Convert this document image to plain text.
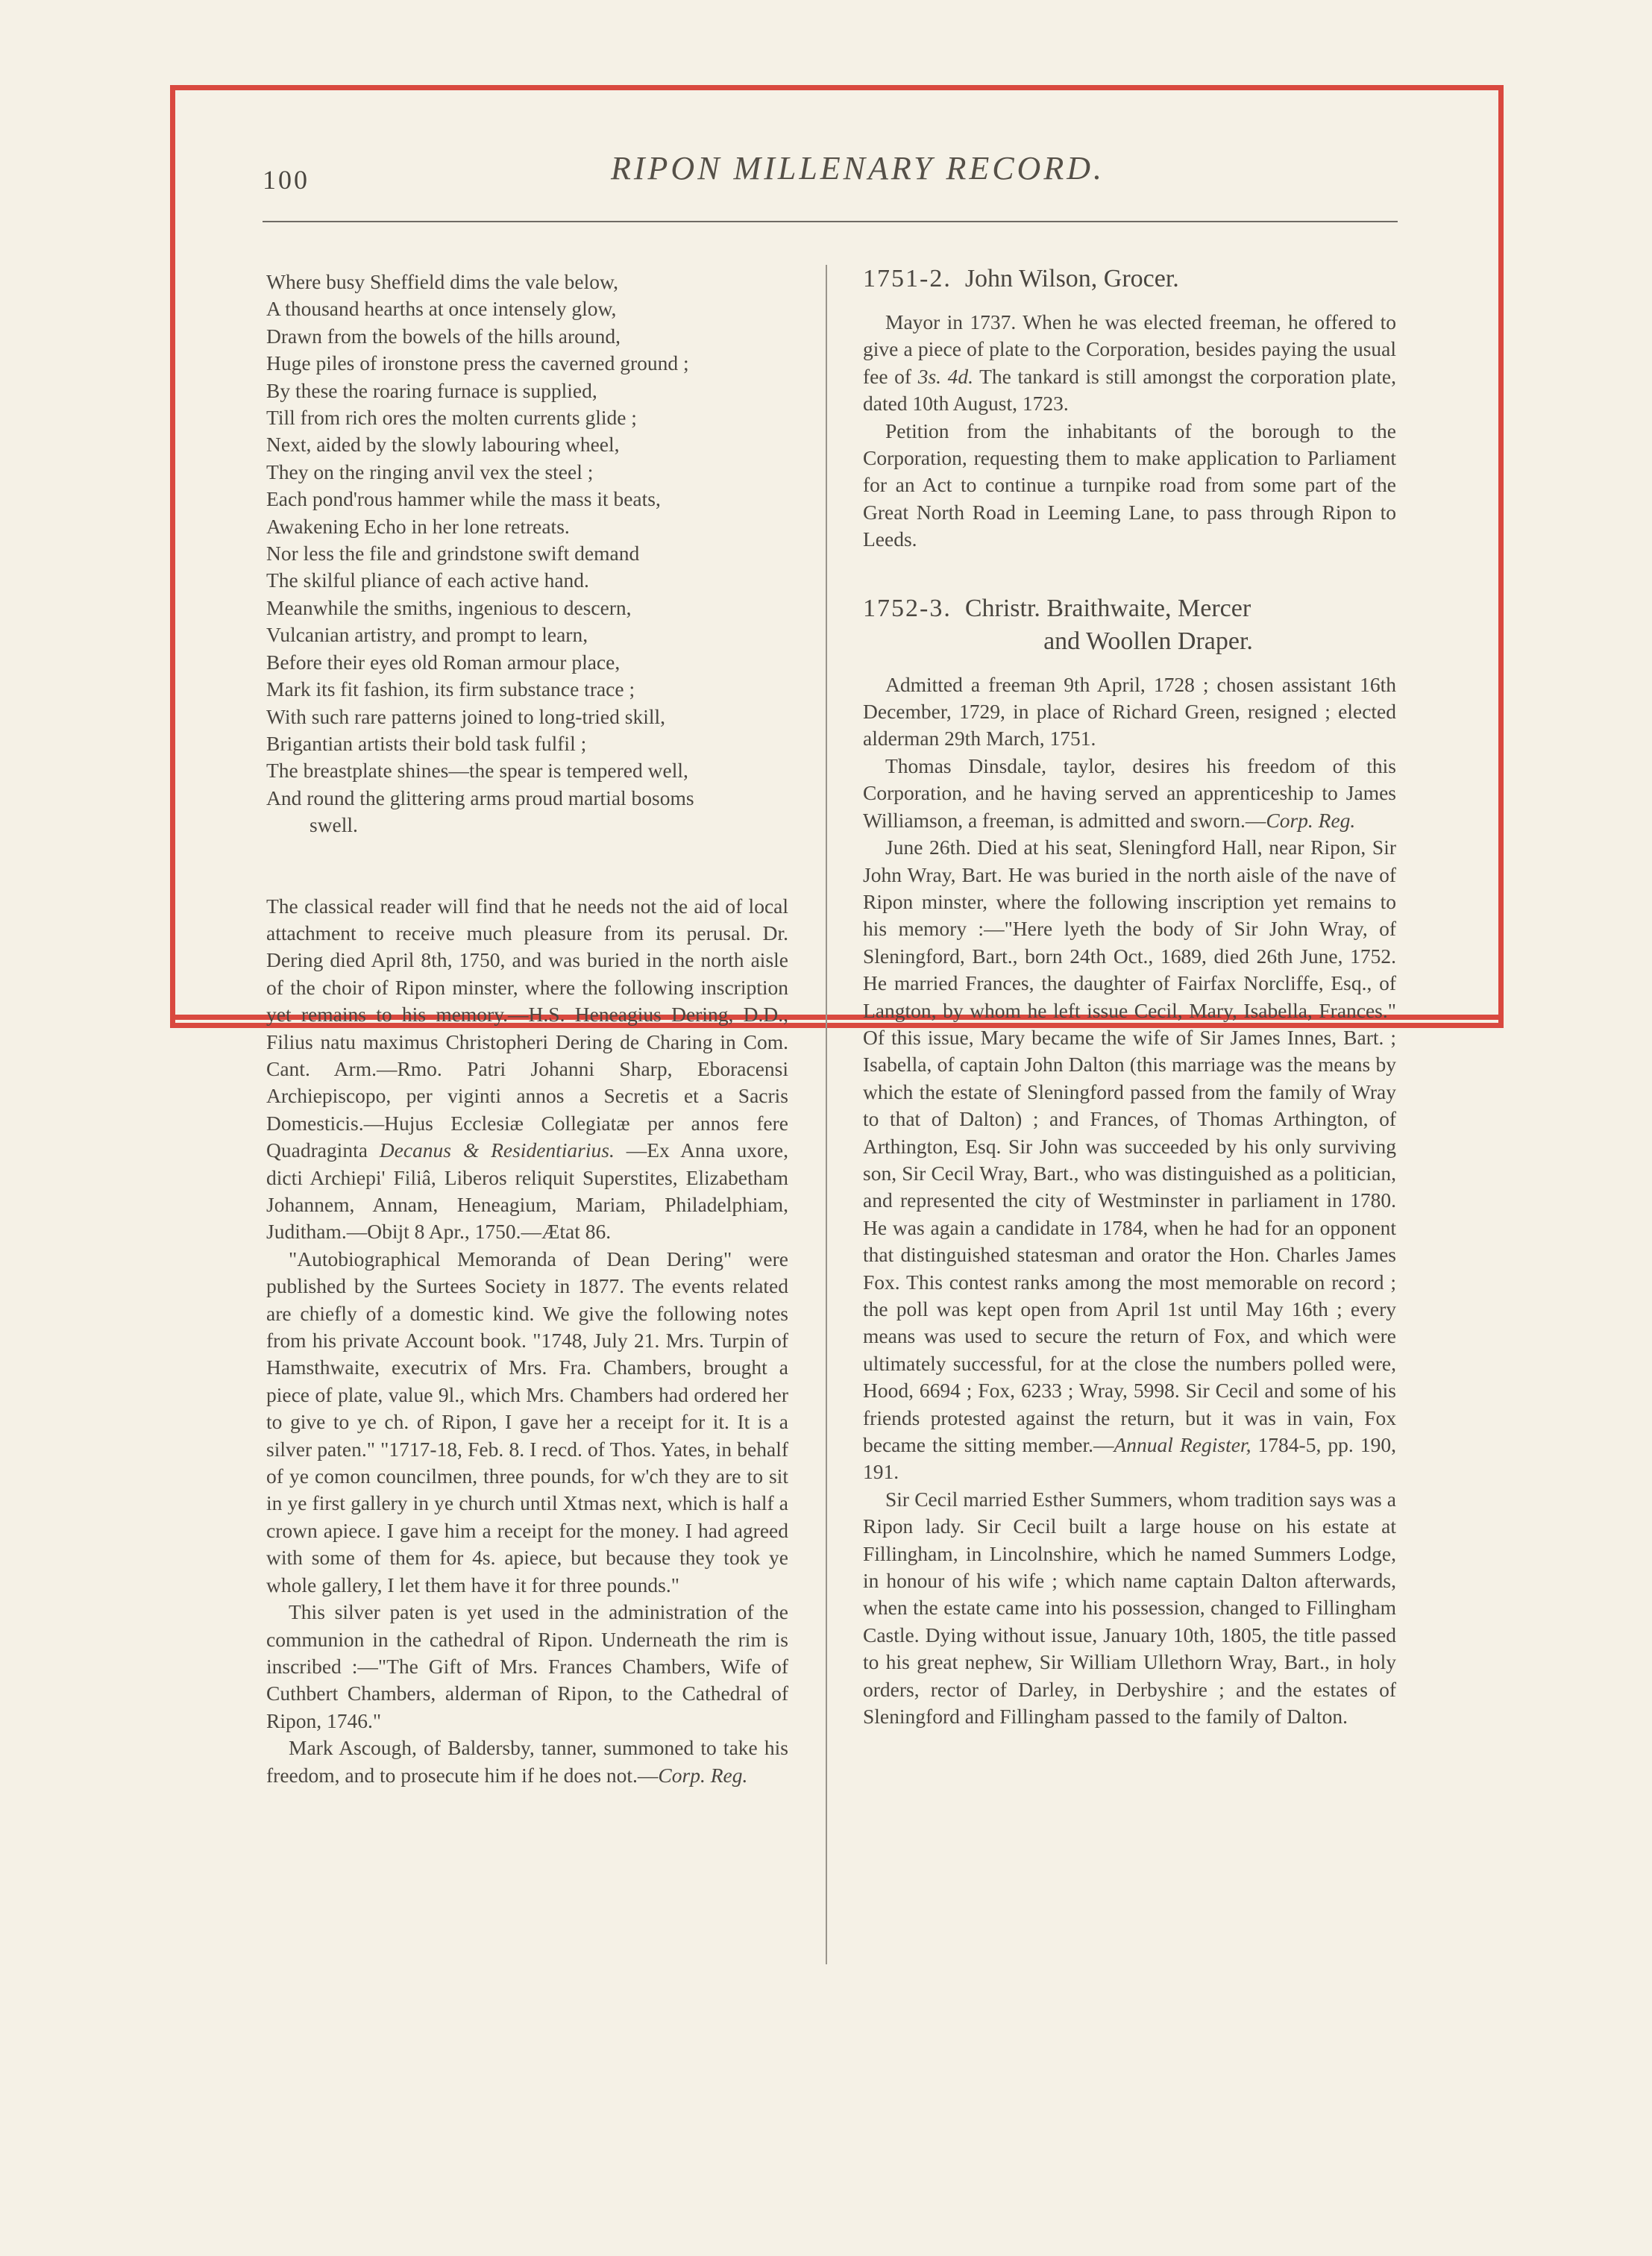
100	RIPON MILLENARY RECORD.
Where busy Sheffield dims the vale below,
A thousand hearths at once intensely glow,
Drawn from the bowels of the hills around,
Huge piles of ironstone press the caverned ground ;
By these the roaring furnace is supplied,
Till from rich ores the molten currents glide ;
Next, aided by the slowly labouring wheel,
They on the ringing anvil vex the steel ;
Each pond'rous hammer while the mass it beats,
Awakening Echo in her lone retreats.
Nor less the file and grindstone swift demand
The skilful pliance of each active hand.
Meanwhile the smiths, ingenious to descern,
Vulcanian artistry, and prompt to learn,
Before their eyes old Roman armour place,
Mark its fit fashion, its firm substance trace ;
With such rare patterns joined to long-tried skill,
Brigantian artists their bold task fulfil ;
The breastplate shines—the spear is tempered well,
And round the glittering arms proud martial bosoms
swell.

The classical reader will find that he needs not the aid of local attachment to receive much pleasure from its perusal. Dr. Dering died April 8th, 1750, and was buried in the north aisle of the choir of Ripon minster, where the following inscription yet remains to his memory.—H.S. Heneagius Dering, D.D., Filius natu maximus Christopheri Dering de Charing in Com. Cant. Arm.—Rmo. Patri Johanni Sharp, Eboracensi Archiepiscopo, per viginti annos a Secretis et a Sacris Domesticis.—Hujus Ecclesiæ Collegiatæ per annos fere Quadraginta Decanus & Residentiarius. —Ex Anna uxore, dicti Archiepi' Filiâ, Liberos reliquit Superstites, Elizabetham Johannem, Annam, Heneagium, Mariam, Philadelphiam, Juditham.—Obijt 8 Apr., 1750.—Ætat 86.

"Autobiographical Memoranda of Dean Dering" were published by the Surtees Society in 1877. The events related are chiefly of a domestic kind. We give the following notes from his private Account book. "1748, July 21. Mrs. Turpin of Hamsthwaite, executrix of Mrs. Fra. Chambers, brought a piece of plate, value 9l., which Mrs. Chambers had ordered her to give to ye ch. of Ripon, I gave her a receipt for it. It is a silver paten." "1717-18, Feb. 8. I recd. of Thos. Yates, in behalf of ye comon councilmen, three pounds, for w'ch they are to sit in ye first gallery in ye church until Xtmas next, which is half a crown apiece. I gave him a receipt for the money. I had agreed with some of them for 4s. apiece, but because they took ye whole gallery, I let them have it for three pounds."

This silver paten is yet used in the administration of the communion in the cathedral of Ripon. Underneath the rim is inscribed :—"The Gift of Mrs. Frances Chambers, Wife of Cuthbert Chambers, alderman of Ripon, to the Cathedral of Ripon, 1746."

Mark Ascough, of Baldersby, tanner, summoned to take his freedom, and to prosecute him if he does not.—Corp. Reg.

1751-2. John Wilson, Grocer.

Mayor in 1737. When he was elected freeman, he offered to give a piece of plate to the Corporation, besides paying the usual fee of 3s. 4d. The tankard is still amongst the corporation plate, dated 10th August, 1723.

Petition from the inhabitants of the borough to the Corporation, requesting them to make application to Parliament for an Act to continue a turnpike road from some part of the Great North Road in Leeming Lane, to pass through Ripon to Leeds.

1752-3. Christr. Braithwaite, Mercer
and Woollen Draper.

Admitted a freeman 9th April, 1728 ; chosen assistant 16th December, 1729, in place of Richard Green, resigned ; elected alderman 29th March, 1751.

Thomas Dinsdale, taylor, desires his freedom of this Corporation, and he having served an apprenticeship to James Williamson, a freeman, is admitted and sworn.—Corp. Reg.

June 26th. Died at his seat, Sleningford Hall, near Ripon, Sir John Wray, Bart. He was buried in the north aisle of the nave of Ripon minster, where the following inscription yet remains to his memory :—"Here lyeth the body of Sir John Wray, of Sleningford, Bart., born 24th Oct., 1689, died 26th June, 1752. He married Frances, the daughter of Fairfax Norcliffe, Esq., of Langton, by whom he left issue Cecil, Mary, Isabella, Frances." Of this issue, Mary became the wife of Sir James Innes, Bart. ; Isabella, of captain John Dalton (this marriage was the means by which the estate of Sleningford passed from the family of Wray to that of Dalton) ; and Frances, of Thomas Arthington, of Arthington, Esq. Sir John was succeeded by his only surviving son, Sir Cecil Wray, Bart., who was distinguished as a politician, and represented the city of Westminster in parliament in 1780. He was again a candidate in 1784, when he had for an opponent that distinguished statesman and orator the Hon. Charles James Fox. This contest ranks among the most memorable on record ; the poll was kept open from April 1st until May 16th ; every means was used to secure the return of Fox, and which were ultimately successful, for at the close the numbers polled were, Hood, 6694 ; Fox, 6233 ; Wray, 5998. Sir Cecil and some of his friends protested against the return, but it was in vain, Fox became the sitting member.—Annual Register, 1784-5, pp. 190, 191.

Sir Cecil married Esther Summers, whom tradition says was a Ripon lady. Sir Cecil built a large house on his estate at Fillingham, in Lincolnshire, which he named Summers Lodge, in honour of his wife ; which name captain Dalton afterwards, when the estate came into his possession, changed to Fillingham Castle. Dying without issue, January 10th, 1805, the title passed to his great nephew, Sir William Ullethorn Wray, Bart., in holy orders, rector of Darley, in Derbyshire ; and the estates of Sleningford and Fillingham passed to the family of Dalton.
